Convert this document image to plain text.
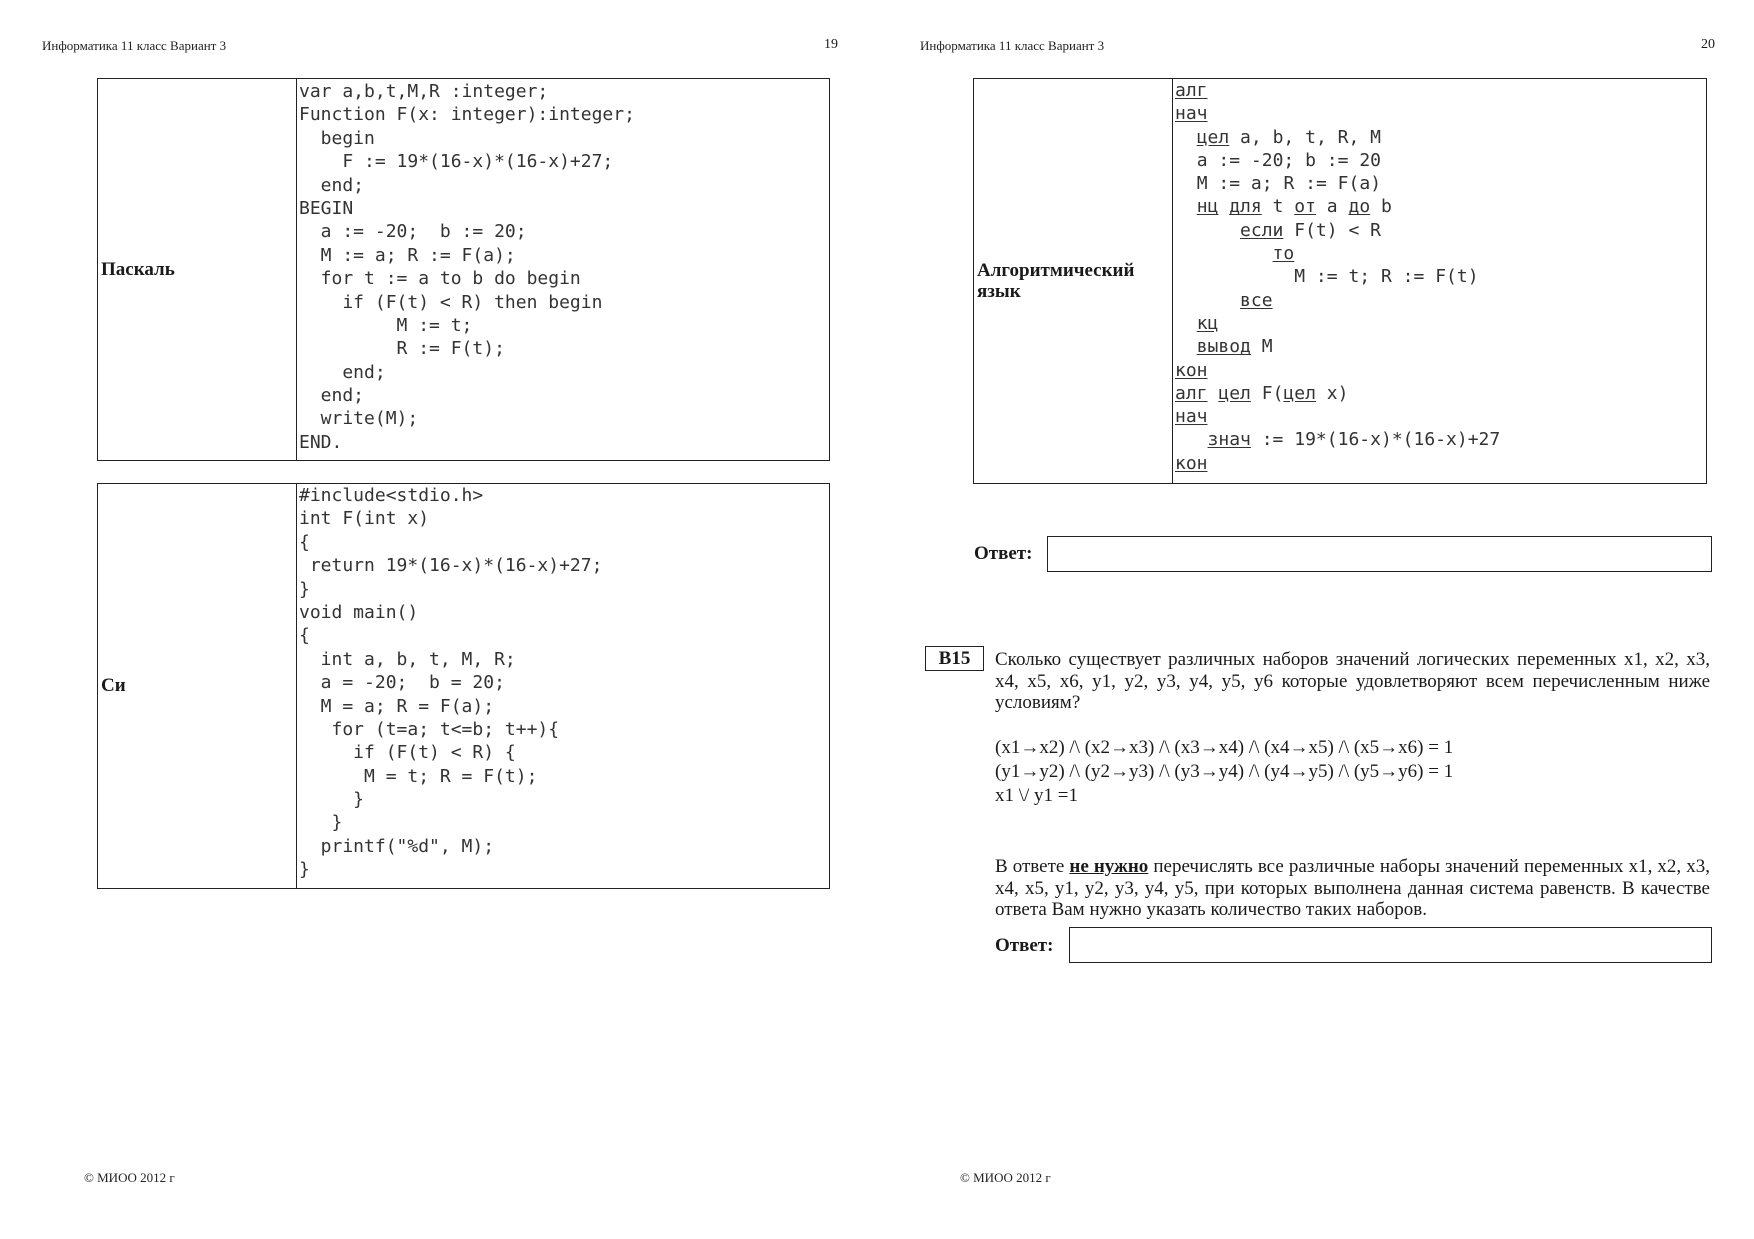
Информатика 11 класс Вариант 3	19
Паскаль
var a,b,t,M,R :integer;
Function F(x: integer):integer;
begin
F := 19*(16-x)*(16-x)+27;
end;
BEGIN
a := -20;  b := 20;
M := a; R := F(a);
for t := a to b do begin
if (F(t) < R) then begin
M := t;
R := F(t);
end;
end;
write(M);
END.
Си
#include<stdio.h>
int F(int x)
{
return 19*(16-x)*(16-x)+27;
}
void main()
{
int a, b, t, M, R;
a = -20;  b = 20;
M = a; R = F(a);
for (t=a; t<=b; t++){
if (F(t) < R) {
M = t; R = F(t);
}
}
printf("%d", M);
}
© МИОО 2012 г
Информатика 11 класс Вариант 3	20
Алгоритмический язык
алг
нач
цел a, b, t, R, M
a := -20; b := 20
M := a; R := F(a)
нц для t от a до b
если F(t) < R
то
M := t; R := F(t)
все
кц
вывод M
кон
алг цел F(цел x)
нач
знач := 19*(16-x)*(16-x)+27
кон
Ответ:
В15	Сколько существует различных наборов значений логических переменных x1, x2, x3, x4, x5, x6, y1, y2, y3, y4, y5, y6 которые удовлетворяют всем перечисленным ниже условиям?
(x1→x2) /\ (x2→x3) /\ (x3→x4) /\ (x4→x5) /\ (x5→x6) = 1
(y1→y2) /\ (y2→y3) /\ (y3→y4) /\ (y4→y5) /\ (y5→y6) = 1
x1 \/ y1 =1
В ответе не нужно перечислять все различные наборы значений переменных x1, x2, x3, x4, x5, y1, y2, y3, y4, y5, при которых выполнена данная система равенств. В качестве ответа Вам нужно указать количество таких наборов.
Ответ:
© МИОО 2012 г
